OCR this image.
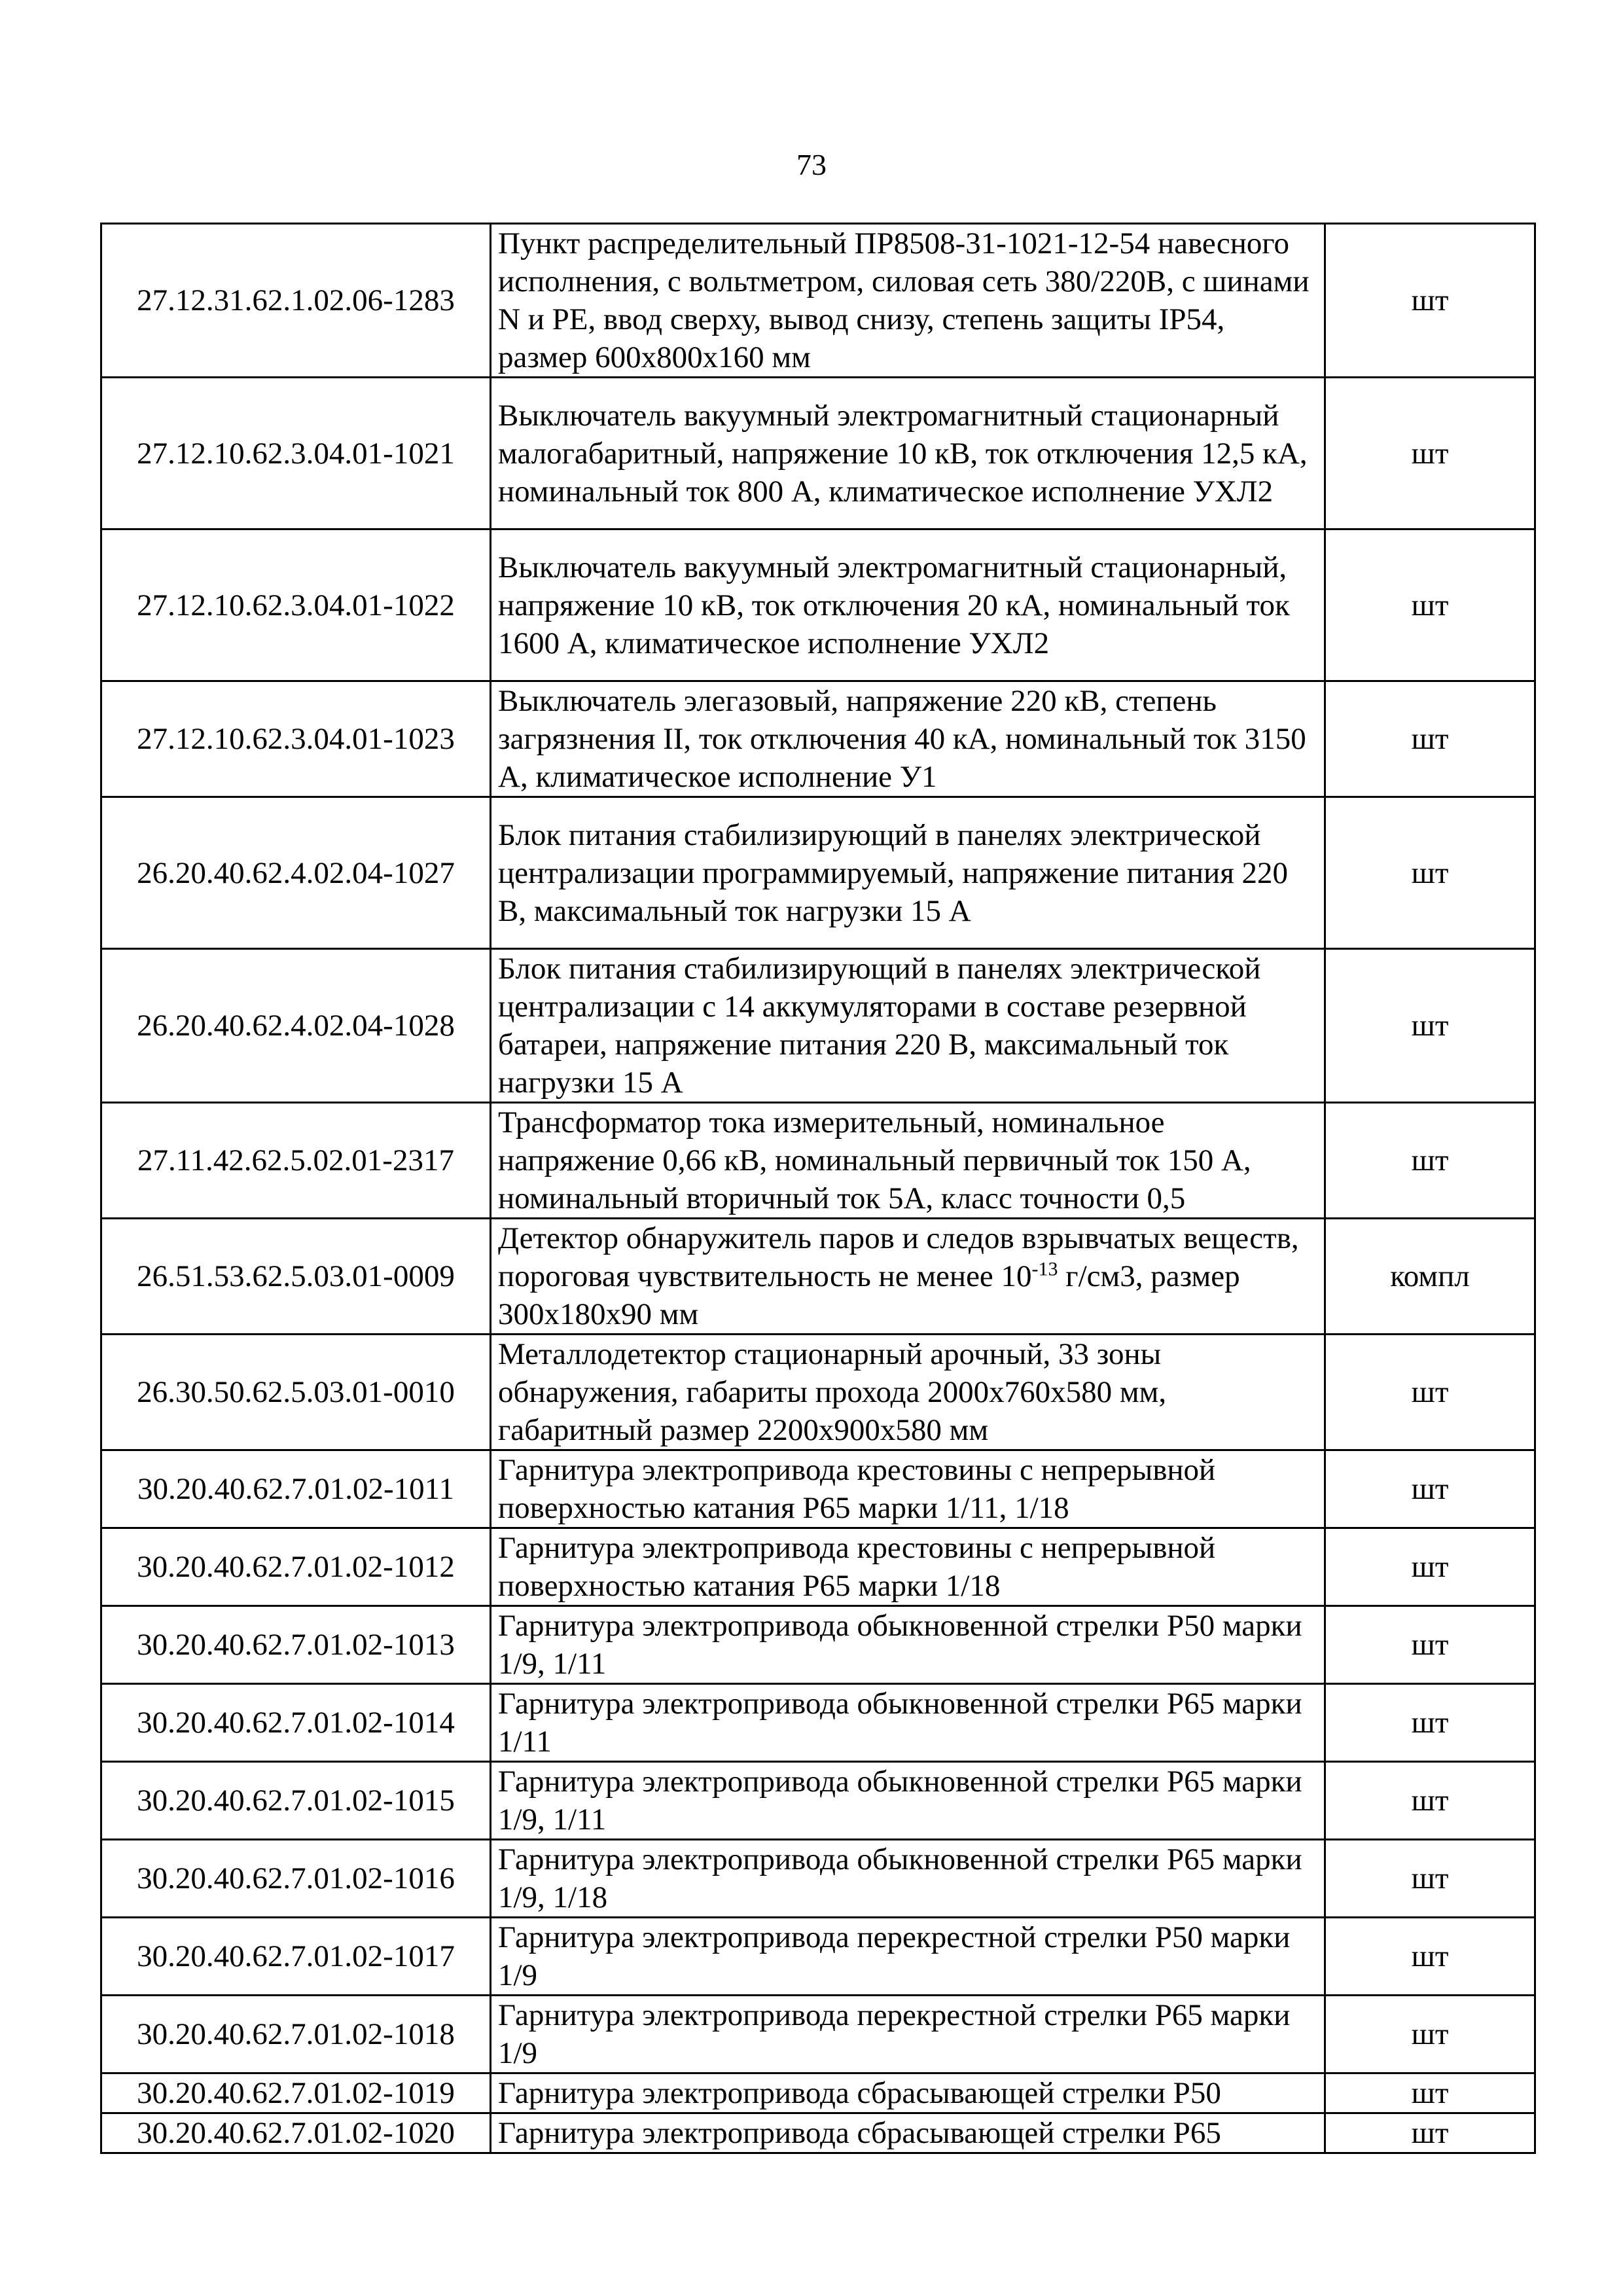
73
27.12.31.62.1.02.06-1283	Пункт распределительный ПР8508-31-1021-12-54 навесного исполнения, с вольтметром, силовая сеть 380/220В, с шинами N и PE, ввод сверху, вывод снизу, степень защиты IP54, размер 600х800х160 мм	шт
27.12.10.62.3.04.01-1021	Выключатель вакуумный электромагнитный стационарный малогабаритный, напряжение 10 кВ, ток отключения 12,5 кА, номинальный ток 800 А, климатическое исполнение УХЛ2	шт
27.12.10.62.3.04.01-1022	Выключатель вакуумный электромагнитный стационарный, напряжение 10 кВ, ток отключения 20 кА, номинальный ток 1600 А, климатическое исполнение УХЛ2	шт
27.12.10.62.3.04.01-1023	Выключатель элегазовый, напряжение 220 кВ, степень загрязнения II, ток отключения 40 кА, номинальный ток 3150 А, климатическое исполнение У1	шт
26.20.40.62.4.02.04-1027	Блок питания стабилизирующий в панелях электрической централизации программируемый, напряжение питания 220 В, максимальный ток нагрузки 15 А	шт
26.20.40.62.4.02.04-1028	Блок питания стабилизирующий в панелях электрической централизации с 14 аккумуляторами в составе резервной батареи, напряжение питания 220 В, максимальный ток нагрузки 15 А	шт
27.11.42.62.5.02.01-2317	Трансформатор тока измерительный, номинальное напряжение 0,66 кВ, номинальный первичный ток 150 А, номинальный вторичный ток 5А, класс точности 0,5	шт
26.51.53.62.5.03.01-0009	Детектор обнаружитель паров и следов взрывчатых веществ, пороговая чувствительность не менее $10^{-13}$ г/см3, размер 300х180х90 мм	компл
26.30.50.62.5.03.01-0010	Металлодетектор стационарный арочный, 33 зоны обнаружения, габариты прохода 2000х760х580 мм, габаритный размер 2200х900х580 мм	шт
30.20.40.62.7.01.02-1011	Гарнитура электропривода крестовины с непрерывной поверхностью катания Р65 марки 1/11, 1/18	шт
30.20.40.62.7.01.02-1012	Гарнитура электропривода крестовины с непрерывной поверхностью катания Р65 марки 1/18	шт
30.20.40.62.7.01.02-1013	Гарнитура электропривода обыкновенной стрелки Р50 марки 1/9, 1/11	шт
30.20.40.62.7.01.02-1014	Гарнитура электропривода обыкновенной стрелки Р65 марки 1/11	шт
30.20.40.62.7.01.02-1015	Гарнитура электропривода обыкновенной стрелки Р65 марки 1/9, 1/11	шт
30.20.40.62.7.01.02-1016	Гарнитура электропривода обыкновенной стрелки Р65 марки 1/9, 1/18	шт
30.20.40.62.7.01.02-1017	Гарнитура электропривода перекрестной стрелки Р50 марки 1/9	шт
30.20.40.62.7.01.02-1018	Гарнитура электропривода перекрестной стрелки Р65 марки 1/9	шт
30.20.40.62.7.01.02-1019	Гарнитура электропривода сбрасывающей стрелки Р50	шт
30.20.40.62.7.01.02-1020	Гарнитура электропривода сбрасывающей стрелки Р65	шт
